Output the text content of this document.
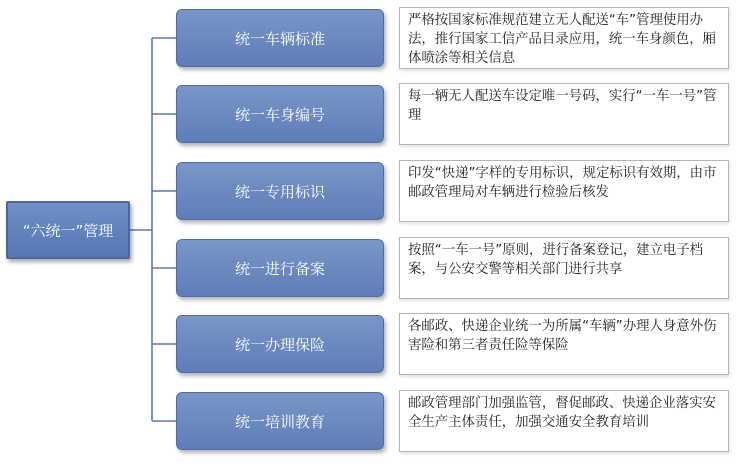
“六统一”管理
统一车辆标准
严格按国家标准规范建立无人配送“车”管理使用办法，推行国家工信产品目录应用，统一车身颜色，厢体喷涂等相关信息
统一车身编号
每一辆无人配送车设定唯一号码，实行“一车一号”管理
统一专用标识
印发“快递”字样的专用标识，规定标识有效期，由市邮政管理局对车辆进行检验后核发
统一进行备案
按照“一车一号”原则，进行备案登记，建立电子档案，与公安交警等相关部门进行共享
统一办理保险
各邮政、快递企业统一为所属“车辆”办理人身意外伤害险和第三者责任险等保险
统一培训教育
邮政管理部门加强监管，督促邮政、快递企业落实安全生产主体责任，加强交通安全教育培训
